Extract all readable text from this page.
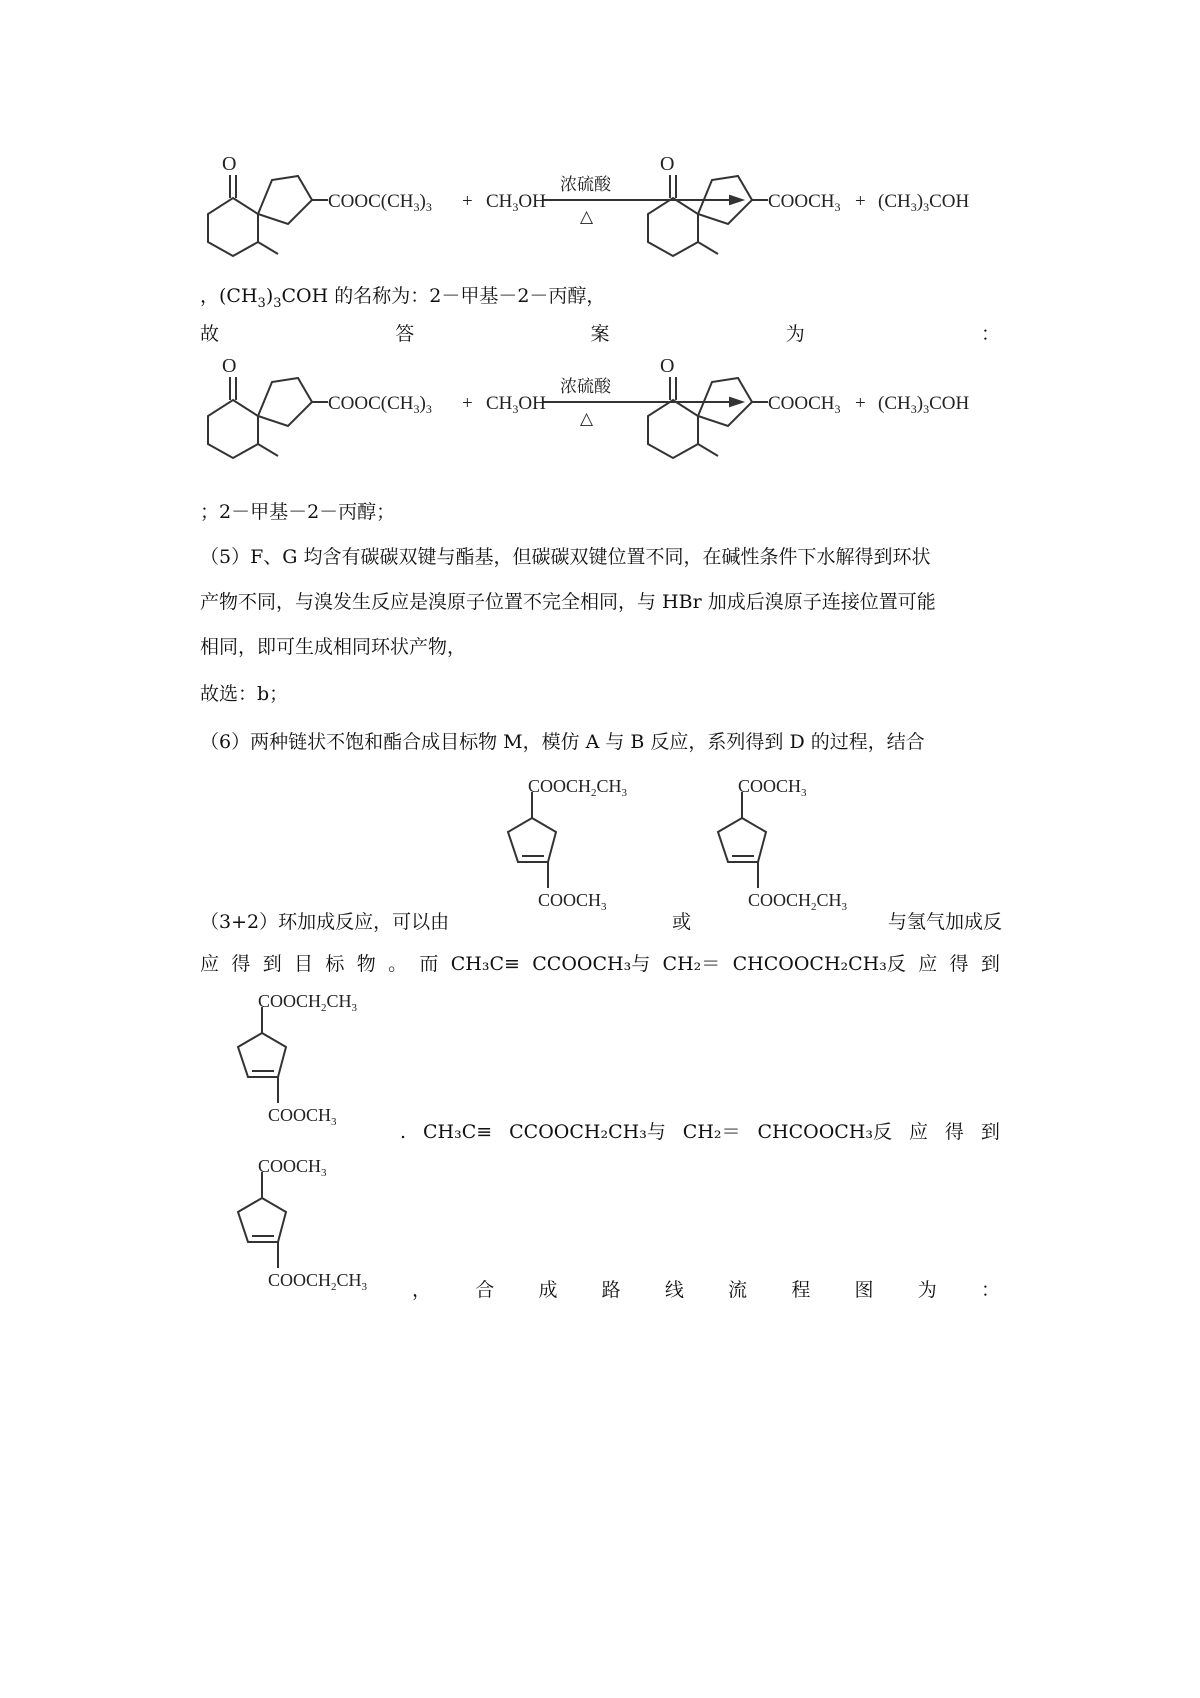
O
$COOC(CH_3)_3 + CH_3OH$
浓硫酸
△
O
$COOCH_3 + (CH_3)_3COH$
，$(CH_3)_3COH$ 的名称为：2－甲基－2－丙醇，
故	答	案	为	：
O
$COOC(CH_3)_3 + CH_3OH$
浓硫酸
△
O
$COOCH_3 + (CH_3)_3COH$
；2－甲基－2－丙醇；
（5）F、G 均含有碳碳双键与酯基，但碳碳双键位置不同，在碱性条件下水解得到环状
产物不同，与溴发生反应是溴原子位置不完全相同，与 HBr 加成后溴原子连接位置可能
相同，即可生成相同环状产物，
故选：b；
（6）两种链状不饱和酯合成目标物 M，模仿 A 与 B 反应，系列得到 D 的过程，结合
$COOCH_2CH_3$
$COOCH_3$
$COOCH_3$
$COOCH_2CH_3$
（3+2）环加成反应，可以由	或	与氢气加成反
应 得 到 目 标 物 。 而 CH₃C≡ CCOOCH₃与 CH₂＝ CHCOOCH₂CH₃反 应 得 到
$COOCH_2CH_3$
$COOCH_3$	. CH₃C≡ CCOOCH₂CH₃与 CH₂＝ CHCOOCH₃反 应 得 到
$COOCH_3$
$COOCH_2CH_3$ ， 合 成 路 线 流 程 图 为 ：
